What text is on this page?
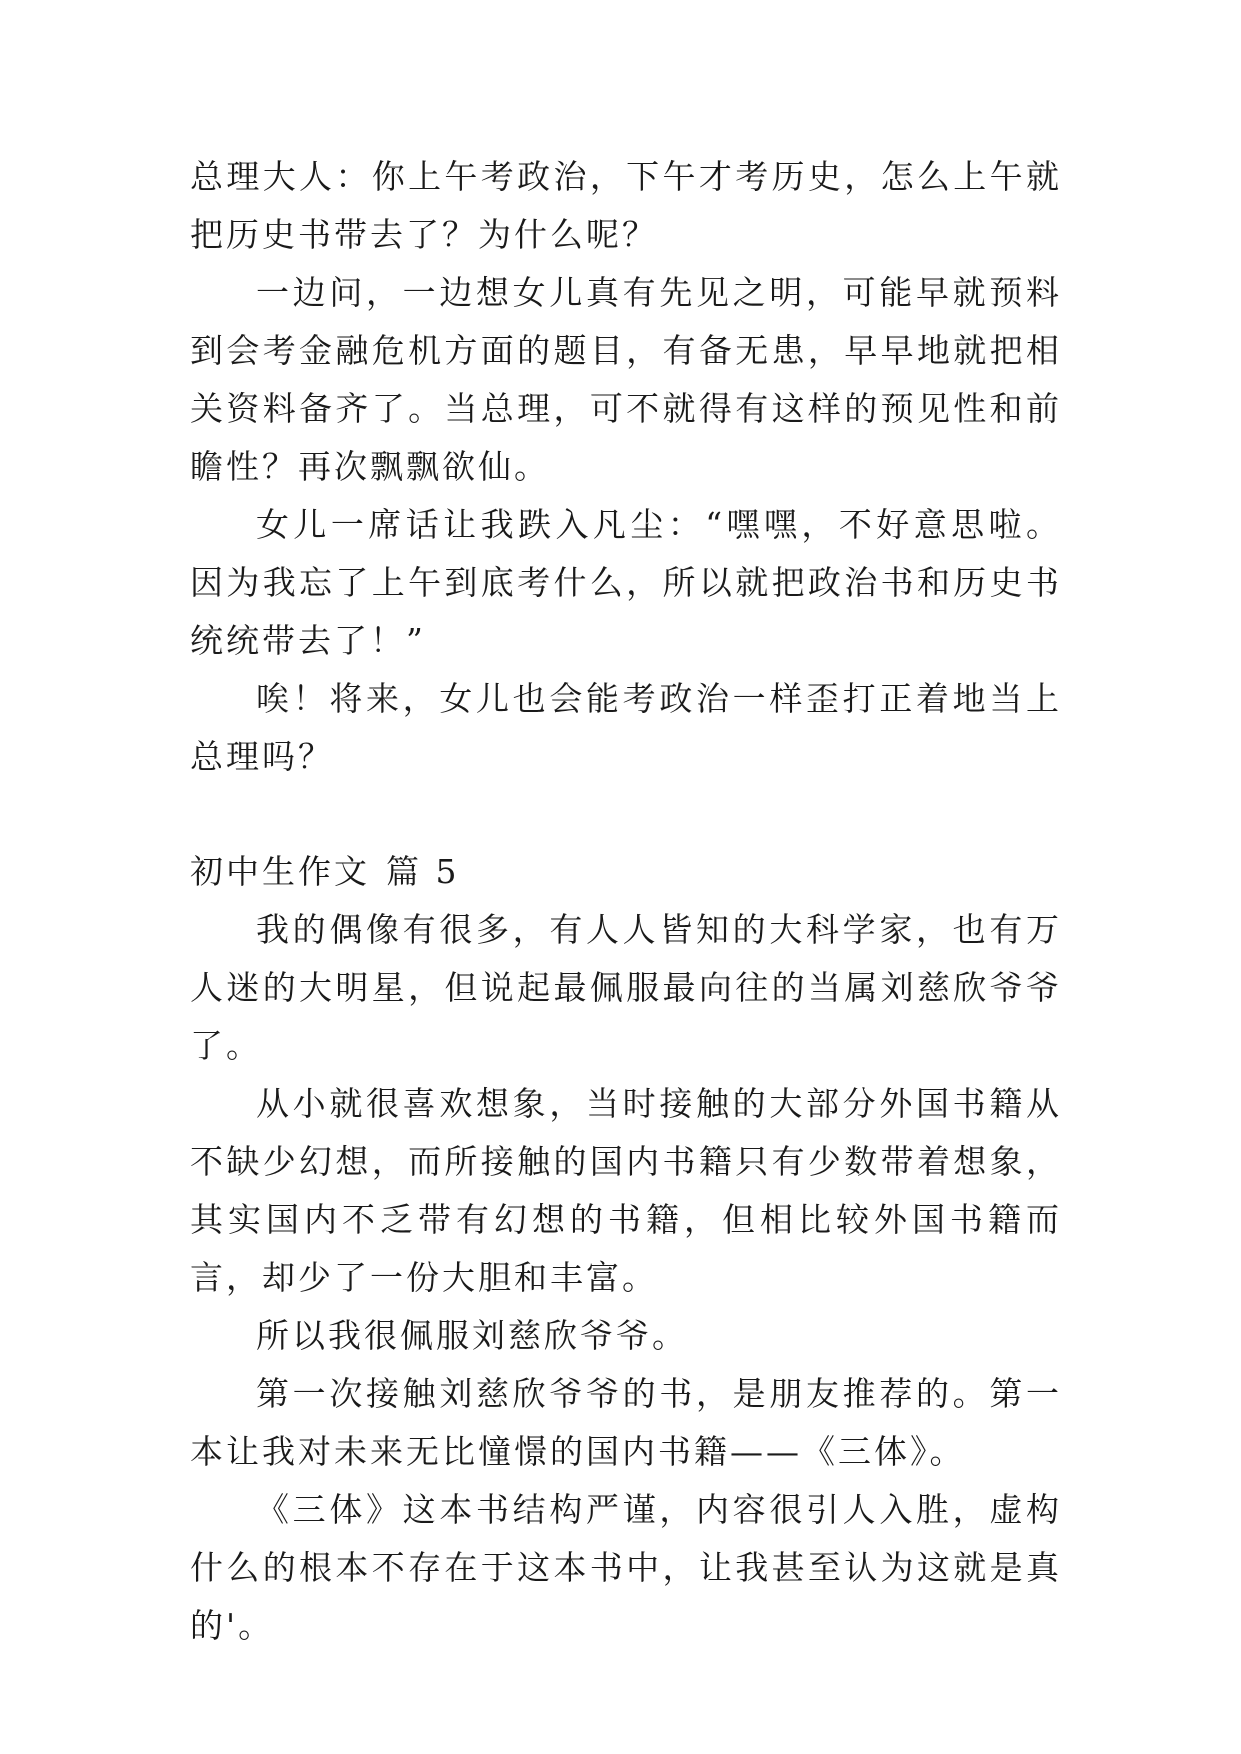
总理大人：你上午考政治，下午才考历史，怎么上午就把历史书带去了？为什么呢？

一边问，一边想女儿真有先见之明，可能早就预料到会考金融危机方面的题目，有备无患，早早地就把相关资料备齐了。当总理，可不就得有这样的预见性和前瞻性？再次飘飘欲仙。

女儿一席话让我跌入凡尘：“嘿嘿，不好意思啦。因为我忘了上午到底考什么，所以就把政治书和历史书统统带去了！”

唉！将来，女儿也会能考政治一样歪打正着地当上总理吗？

初中生作文 篇 5

我的偶像有很多，有人人皆知的大科学家，也有万人迷的大明星，但说起最佩服最向往的当属刘慈欣爷爷了。

从小就很喜欢想象，当时接触的大部分外国书籍从不缺少幻想，而所接触的国内书籍只有少数带着想象，其实国内不乏带有幻想的书籍，但相比较外国书籍而言，却少了一份大胆和丰富。

所以我很佩服刘慈欣爷爷。

第一次接触刘慈欣爷爷的书，是朋友推荐的。第一本让我对未来无比憧憬的国内书籍——《三体》。

《三体》这本书结构严谨，内容很引人入胜，虚构什么的根本不存在于这本书中，让我甚至认为这就是真的'。
